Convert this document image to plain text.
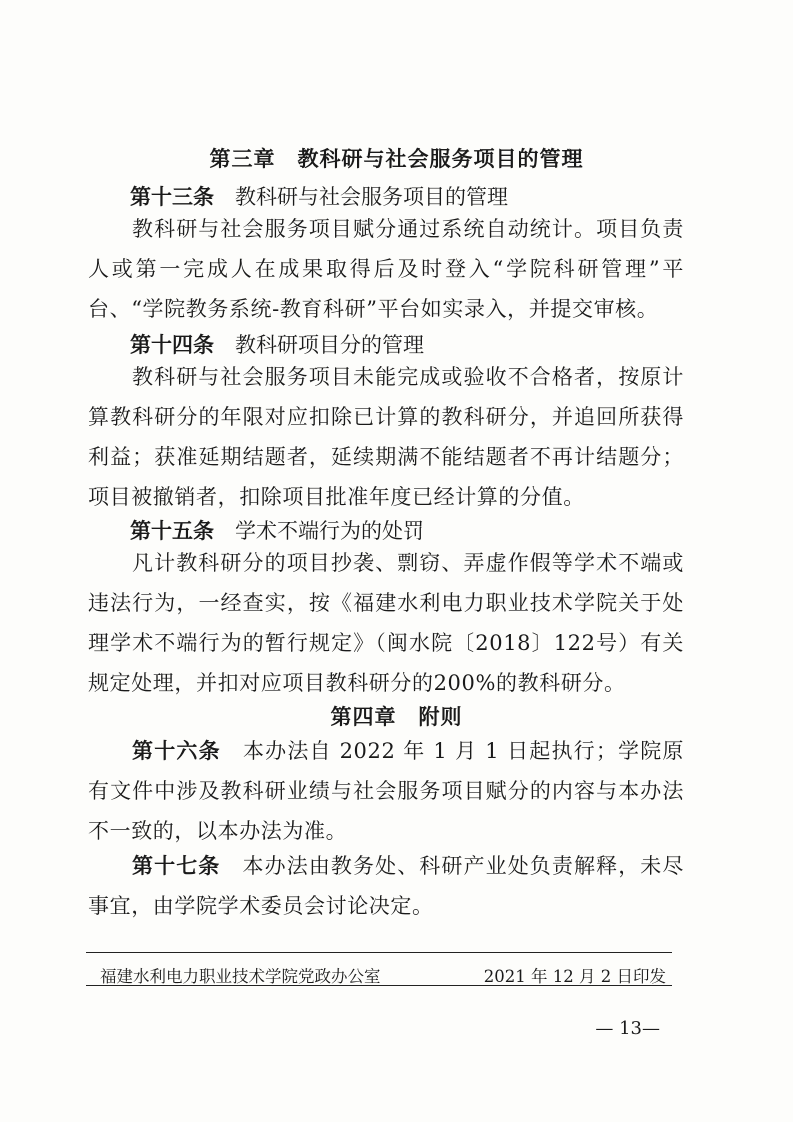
第三章　教科研与社会服务项目的管理
第十三条　 教科研与社会服务项目的管理
教科研与社会服务项目赋分通过系统自动统计。项目负责人或第一完成人在成果取得后及时登入“学院科研管理”平台、“学院教务系统-教育科研”平台如实录入，并提交审核。
第十四条　 教科研项目分的管理
教科研与社会服务项目未能完成或验收不合格者，按原计算教科研分的年限对应扣除已计算的教科研分，并追回所获得利益；获准延期结题者，延续期满不能结题者不再计结题分；项目被撤销者，扣除项目批准年度已经计算的分值。
第十五条　 学术不端行为的处罚
凡计教科研分的项目抄袭、剽窃、弄虚作假等学术不端或违法行为，一经查实，按《福建水利电力职业技术学院关于处理学术不端行为的暂行规定》（闽水院〔2018〕122号）有关规定处理，并扣对应项目教科研分的200%的教科研分。
第四章　附则
第十六条　 本办法自 2022 年 1 月 1 日起执行；学院原有文件中涉及教科研业绩与社会服务项目赋分的内容与本办法不一致的，以本办法为准。
第十七条　 本办法由教务处、科研产业处负责解释，未尽事宜，由学院学术委员会讨论决定。
福建水利电力职业技术学院党政办公室	2021 年 12 月 2 日印发
— 13—
